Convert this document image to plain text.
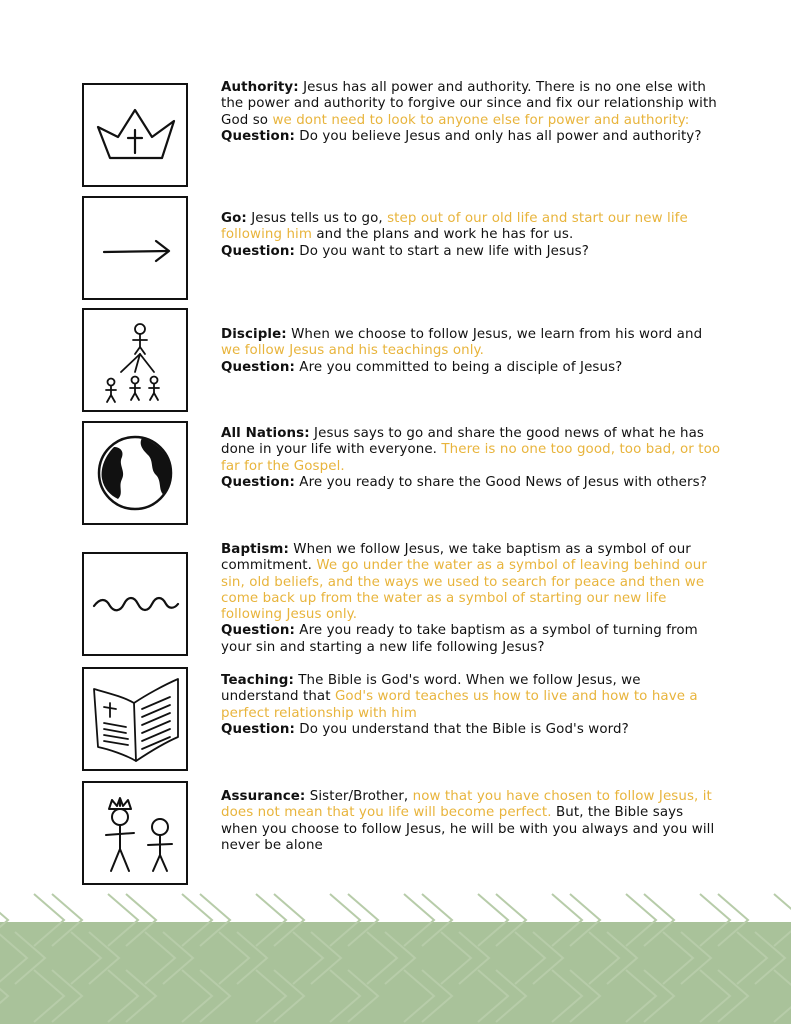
Authority: Jesus has all power and authority. There is no one else with the power and authority to forgive our since and fix our relationship with God so we dont need to look to anyone else for power and authority:
Question: Do you believe Jesus and only has all power and authority?
Go: Jesus tells us to go, step out of our old life and start our new life following him and the plans and work he has for us.
Question: Do you want to start a new life with Jesus?
Disciple: When we choose to follow Jesus, we learn from his word and we follow Jesus and his teachings only.
Question: Are you committed to being a disciple of Jesus?
All Nations: Jesus says to go and share the good news of what he has done in your life with everyone. There is no one too good, too bad, or too far for the Gospel.
Question: Are you ready to share the Good News of Jesus with others?
Baptism: When we follow Jesus, we take baptism as a symbol of our commitment. We go under the water as a symbol of leaving behind our sin, old beliefs, and the ways we used to search for peace and then we come back up from the water as a symbol of starting our new life following Jesus only.
Question: Are you ready to take baptism as a symbol of turning from your sin and starting a new life following Jesus?
Teaching: The Bible is God's word. When we follow Jesus, we understand that God's word teaches us how to live and how to have a perfect relationship with him
Question: Do you understand that the Bible is God's word?
Assurance: Sister/Brother, now that you have chosen to follow Jesus, it does not mean that you life will become perfect. But, the Bible says when you choose to follow Jesus, he will be with you always and you will never be alone
